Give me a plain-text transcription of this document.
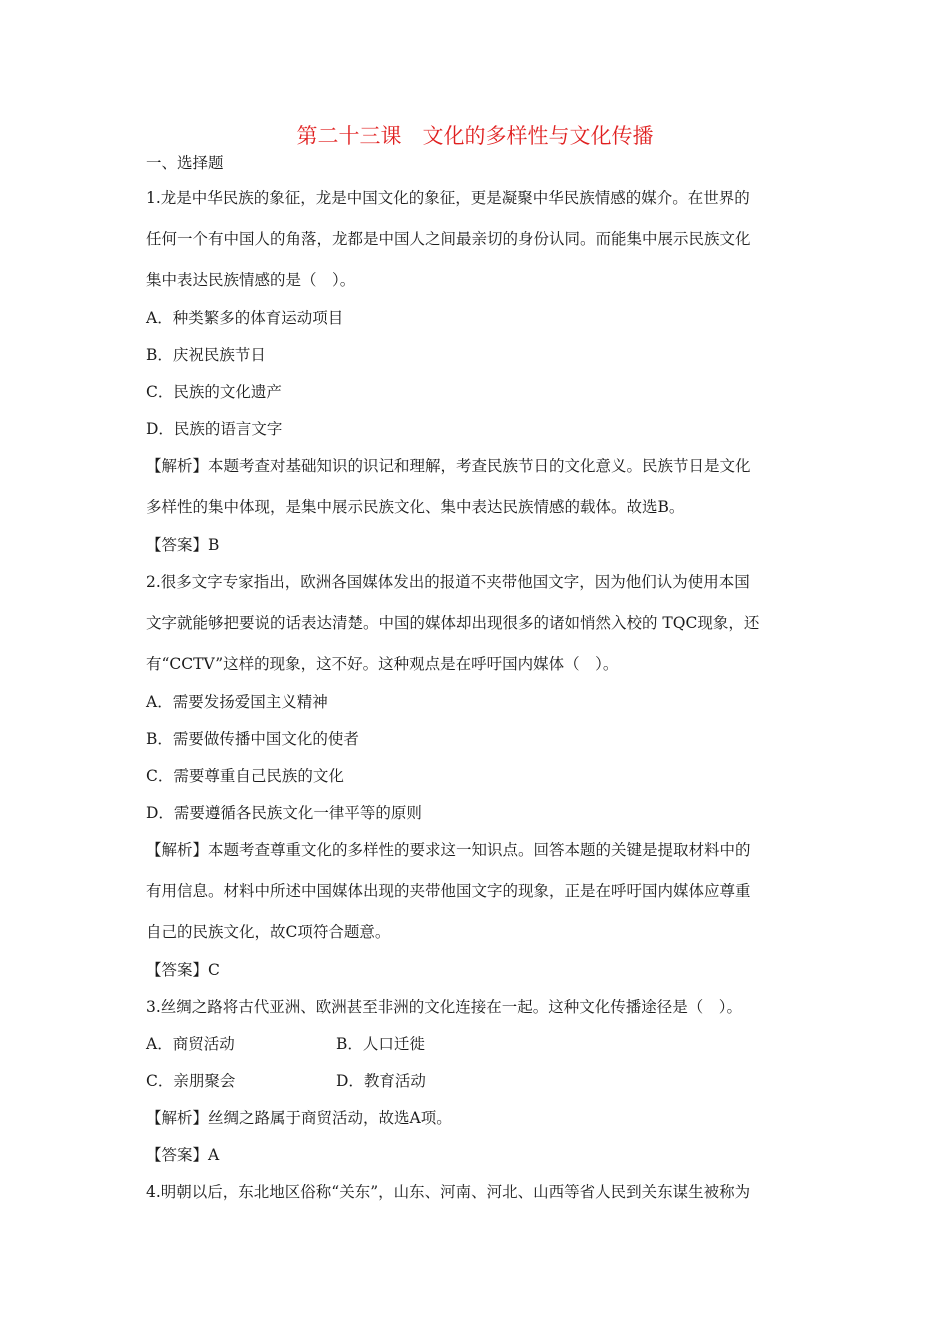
第二十三课　文化的多样性与文化传播
一、选择题
1.龙是中华民族的象征，龙是中国文化的象征，更是凝聚中华民族情感的媒介。在世界的
任何一个有中国人的角落，龙都是中国人之间最亲切的身份认同。而能集中展示民族文化
集中表达民族情感的是（　）。
A．种类繁多的体育运动项目
B．庆祝民族节日
C．民族的文化遗产
D．民族的语言文字
【解析】本题考查对基础知识的识记和理解，考查民族节日的文化意义。民族节日是文化
多样性的集中体现，是集中展示民族文化、集中表达民族情感的载体。故选B。
【答案】B
2.很多文字专家指出，欧洲各国媒体发出的报道不夹带他国文字，因为他们认为使用本国
文字就能够把要说的话表达清楚。中国的媒体却出现很多的诸如悄然入校的 TQC现象，还
有“CCTV”这样的现象，这不好。这种观点是在呼吁国内媒体（　）。
A．需要发扬爱国主义精神
B．需要做传播中国文化的使者
C．需要尊重自己民族的文化
D．需要遵循各民族文化一律平等的原则
【解析】本题考查尊重文化的多样性的要求这一知识点。回答本题的关键是提取材料中的
有用信息。材料中所述中国媒体出现的夹带他国文字的现象，正是在呼吁国内媒体应尊重
自己的民族文化，故C项符合题意。
【答案】C
3.丝绸之路将古代亚洲、欧洲甚至非洲的文化连接在一起。这种文化传播途径是（　）。
A．商贸活动	B．人口迁徙
C．亲朋聚会	D．教育活动
【解析】丝绸之路属于商贸活动，故选A项。
【答案】A
4.明朝以后，东北地区俗称“关东”，山东、河南、河北、山西等省人民到关东谋生被称为
